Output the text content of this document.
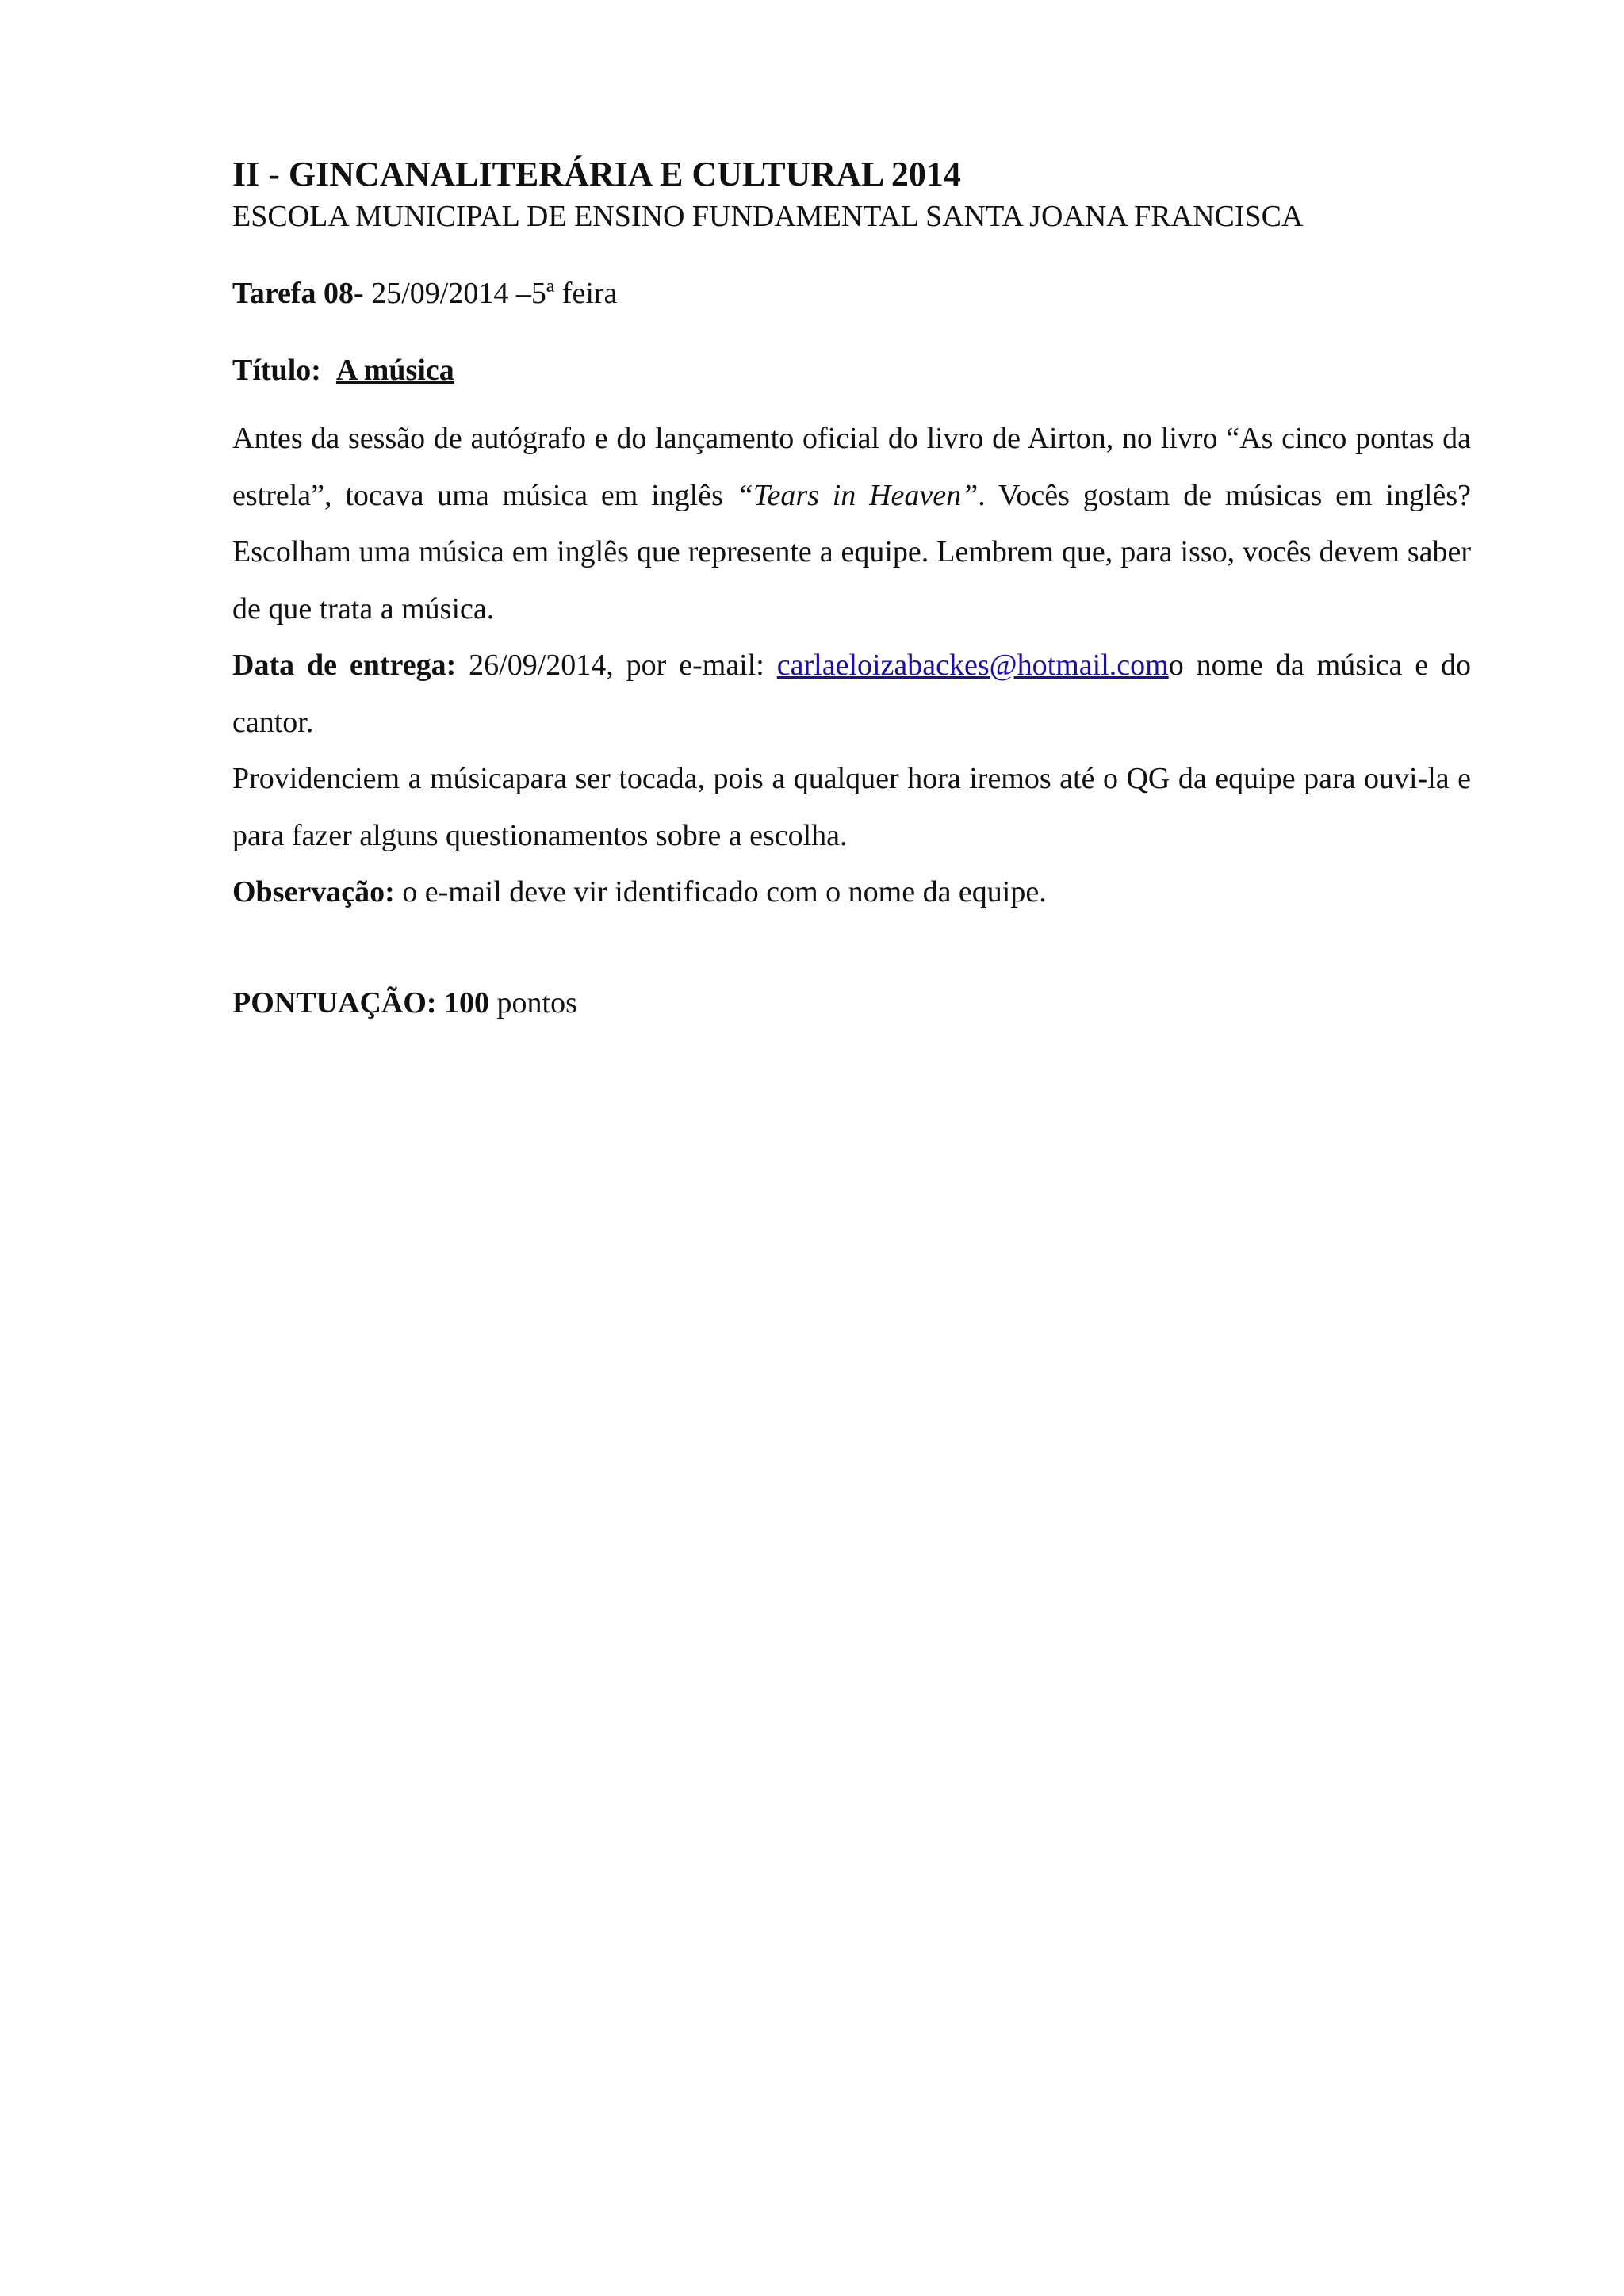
II - GINCANALITERÁRIA E CULTURAL 2014
ESCOLA MUNICIPAL DE ENSINO FUNDAMENTAL SANTA JOANA FRANCISCA
Tarefa 08- 25/09/2014 –5ª feira
Título: A música

Antes da sessão de autógrafo e do lançamento oficial do livro de Airton, no livro “As cinco pontas da estrela”, tocava uma música em inglês “Tears in Heaven”. Vocês gostam de músicas em inglês? Escolham uma música em inglês que represente a equipe. Lembrem que, para isso, vocês devem saber de que trata a música.

Data de entrega: 26/09/2014, por e-mail: carlaeloizabackes@hotmail.como nome da música e do cantor.

Providenciem a músicapara ser tocada, pois a qualquer hora iremos até o QG da equipe para ouvi-la e para fazer alguns questionamentos sobre a escolha.

Observação: o e-mail deve vir identificado com o nome da equipe.

PONTUAÇÃO: 100 pontos
